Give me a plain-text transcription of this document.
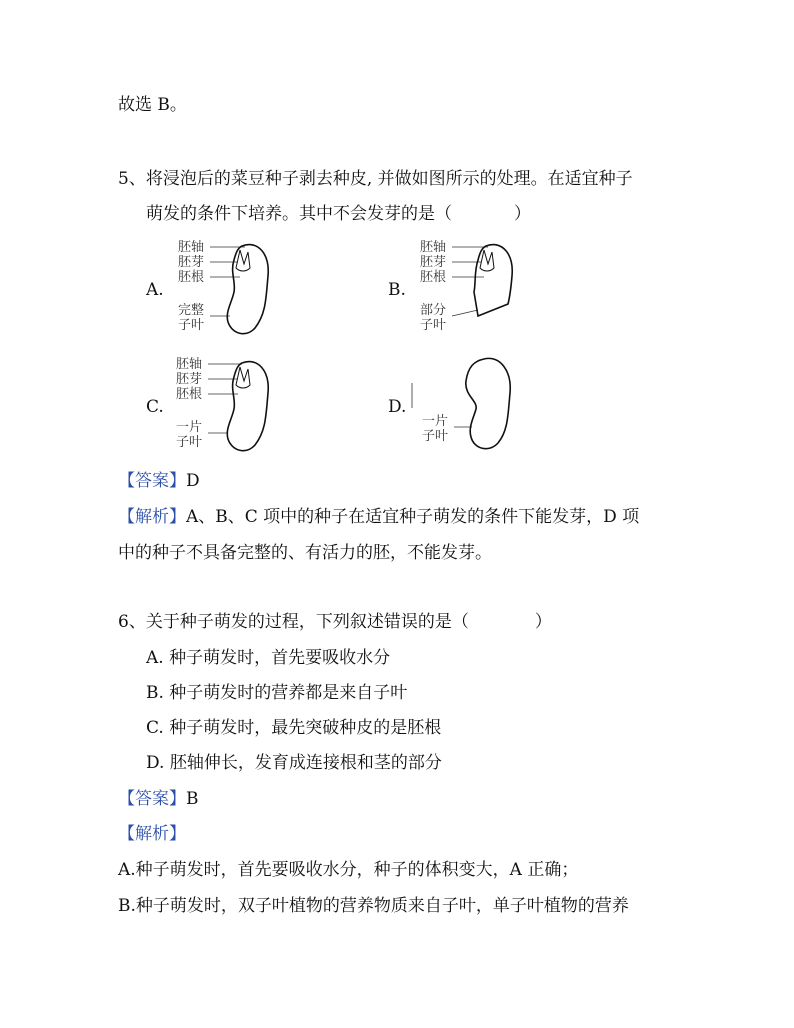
故选 B。
5、将浸泡后的菜豆种子剥去种皮, 并做如图所示的处理。在适宜种子
萌发的条件下培养。其中不会发芽的是（	）
A.
胚轴
胚芽
胚根
完整
子叶
B.
胚轴
胚芽
胚根
部分
子叶
C.
胚轴
胚芽
胚根
一片
子叶
D.
一片
子叶
【答案】D
【解析】A、B、C 项中的种子在适宜种子萌发的条件下能发芽，D 项
中的种子不具备完整的、有活力的胚，不能发芽。
6、关于种子萌发的过程，下列叙述错误的是（	）
A. 种子萌发时，首先要吸收水分
B. 种子萌发时的营养都是来自子叶
C. 种子萌发时，最先突破种皮的是胚根
D. 胚轴伸长，发育成连接根和茎的部分
【答案】B
【解析】
A.种子萌发时，首先要吸收水分，种子的体积变大，A 正确；
B.种子萌发时，双子叶植物的营养物质来自子叶，单子叶植物的营养
